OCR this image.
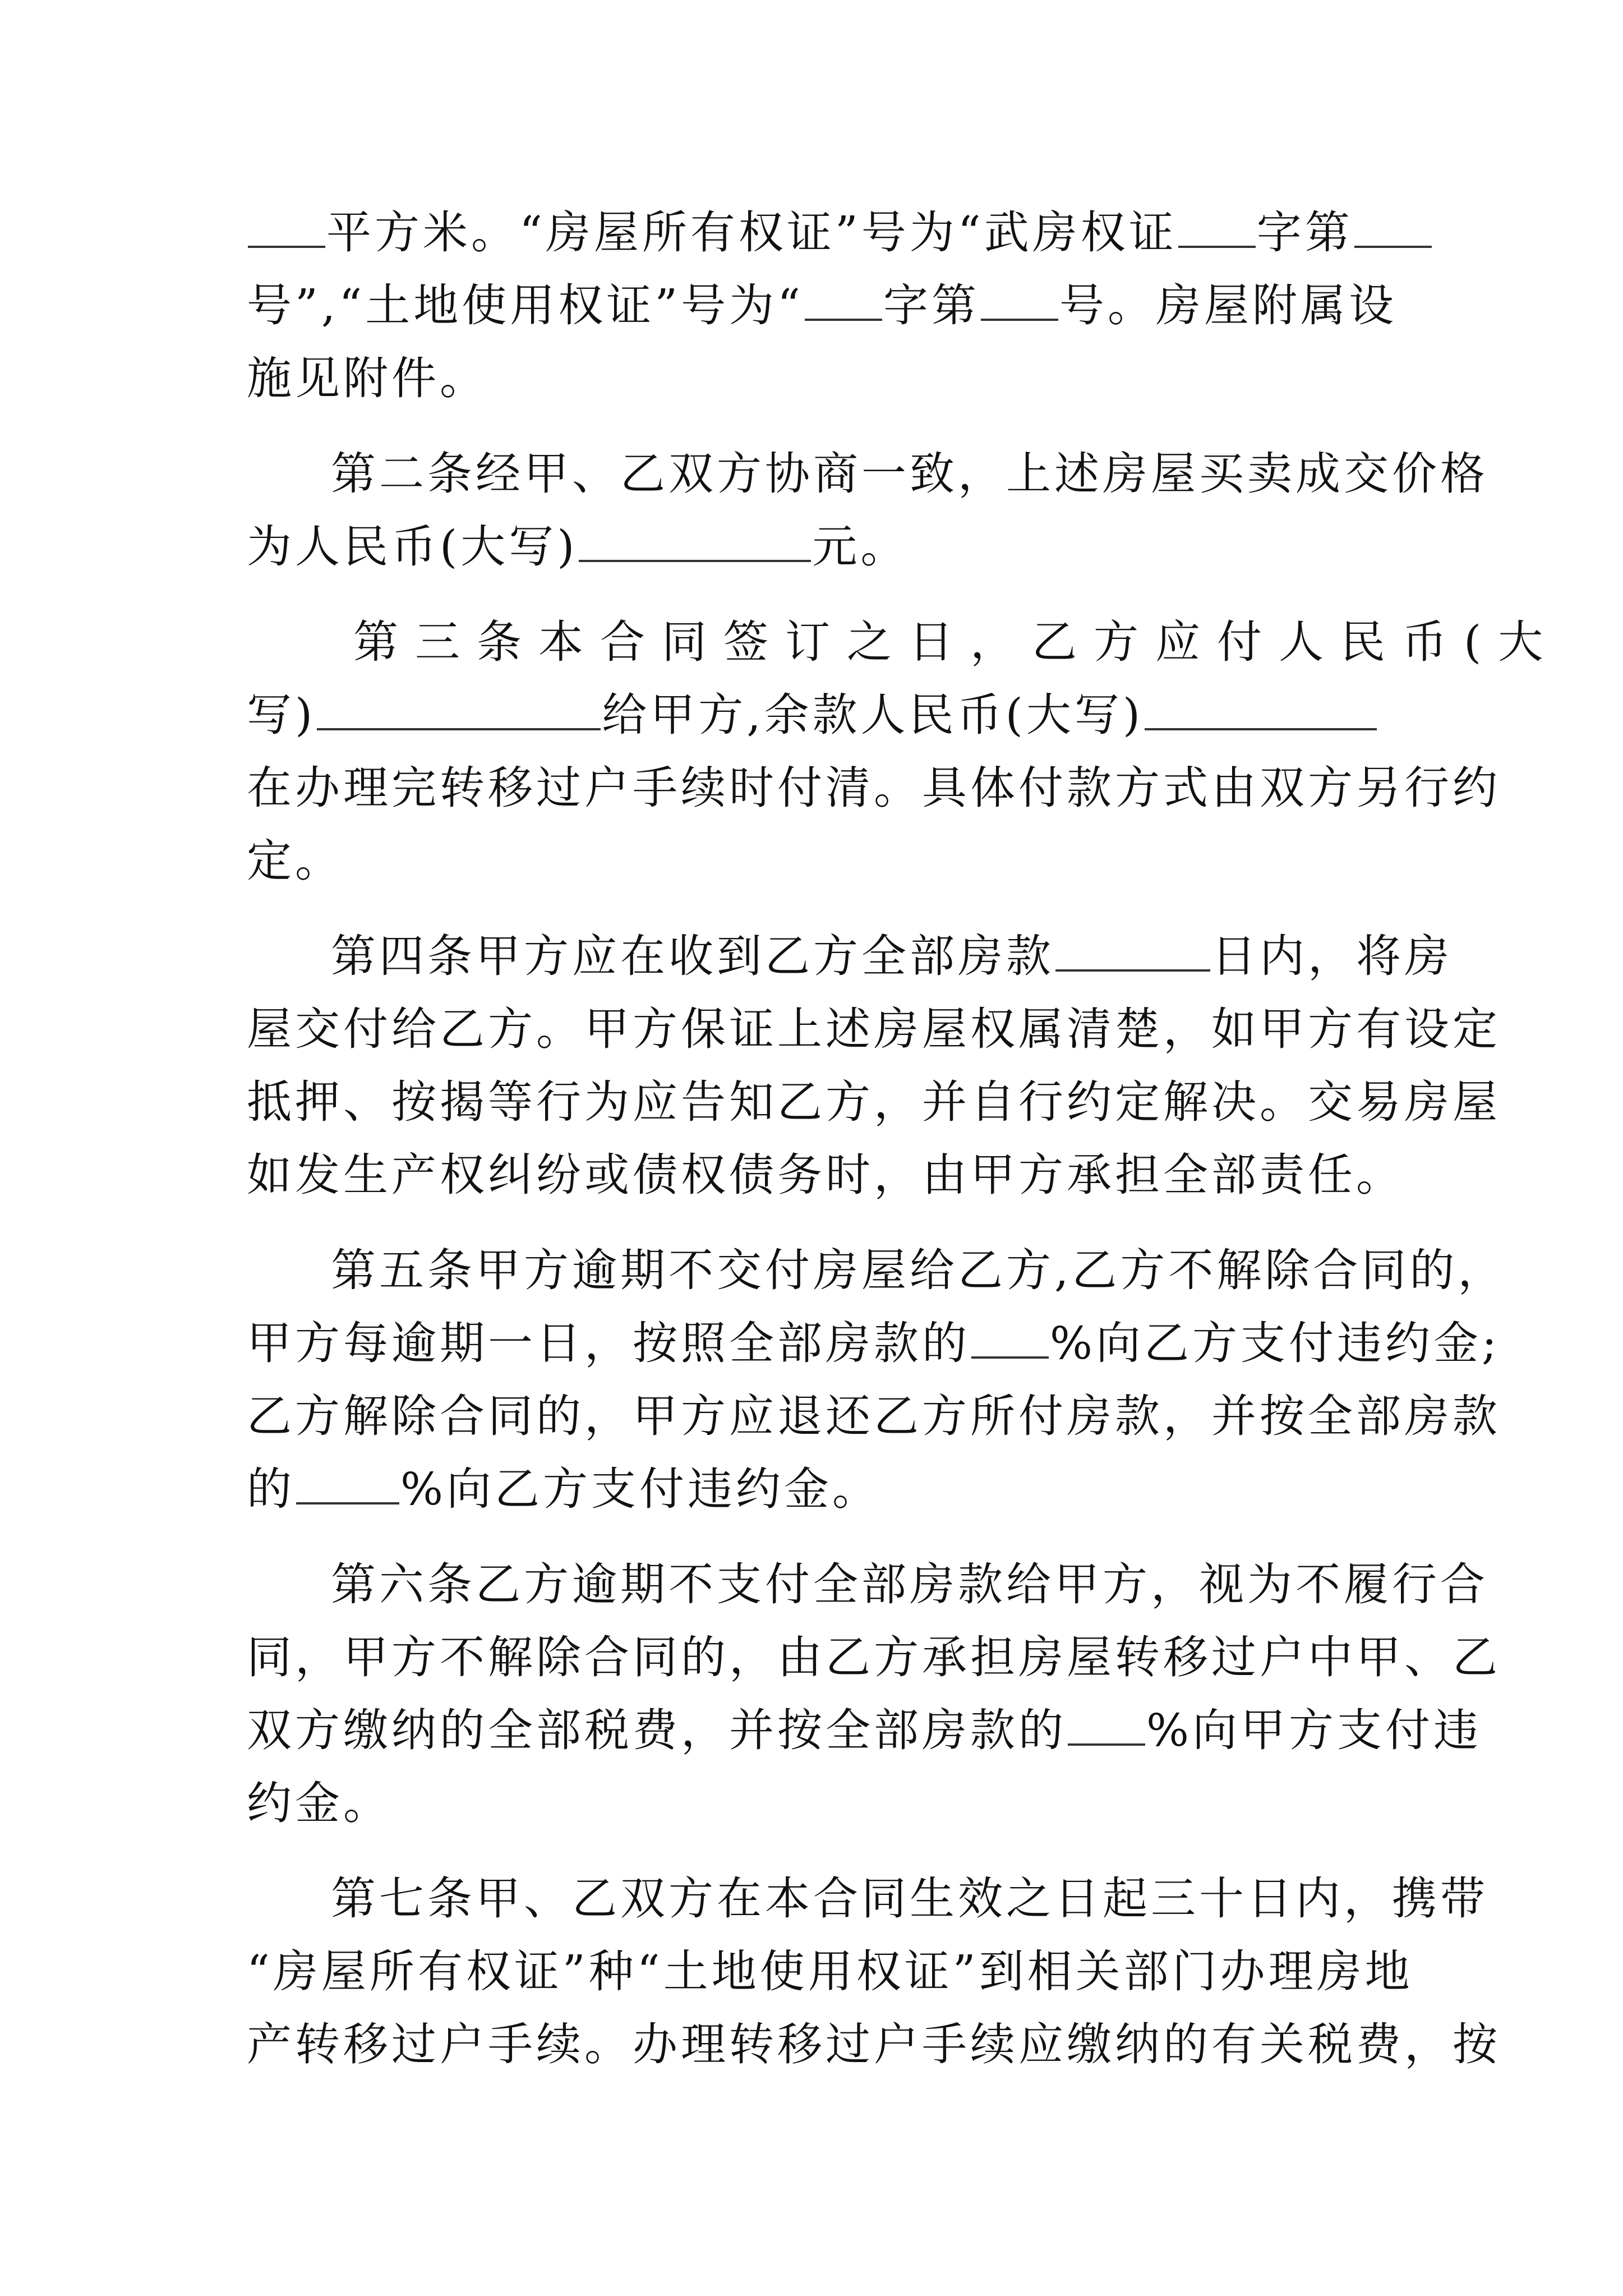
平方米。“房屋所有权证”号为“武房权证 字第
号”,“土地使用权证”号为“ 字第 号。房屋附属设
施见附件。
第二条经甲、乙双方协商一致，上述房屋买卖成交价格
为人民币(大写)	元。
第三条本合同签订之日，乙方应付人民币(大
写)	给甲方,余款人民币(大写)
在办理完转移过户手续时付清。具体付款方式由双方另行约
定。
第四条甲方应在收到乙方全部房款	日内，将房
屋交付给乙方。甲方保证上述房屋权属清楚，如甲方有设定
抵押、按揭等行为应告知乙方，并自行约定解决。交易房屋
如发生产权纠纷或债权债务时，由甲方承担全部责任。
第五条甲方逾期不交付房屋给乙方,乙方不解除合同的，
甲方每逾期一日，按照全部房款的 %向乙方支付违约金;
乙方解除合同的，甲方应退还乙方所付房款，并按全部房款
的 %向乙方支付违约金。
第六条乙方逾期不支付全部房款给甲方，视为不履行合
同，甲方不解除合同的，由乙方承担房屋转移过户中甲、乙
双方缴纳的全部税费，并按全部房款的 %向甲方支付违
约金。
第七条甲、乙双方在本合同生效之日起三十日内，携带
“房屋所有权证”种“土地使用权证”到相关部门办理房地
产转移过户手续。办理转移过户手续应缴纳的有关税费，按
